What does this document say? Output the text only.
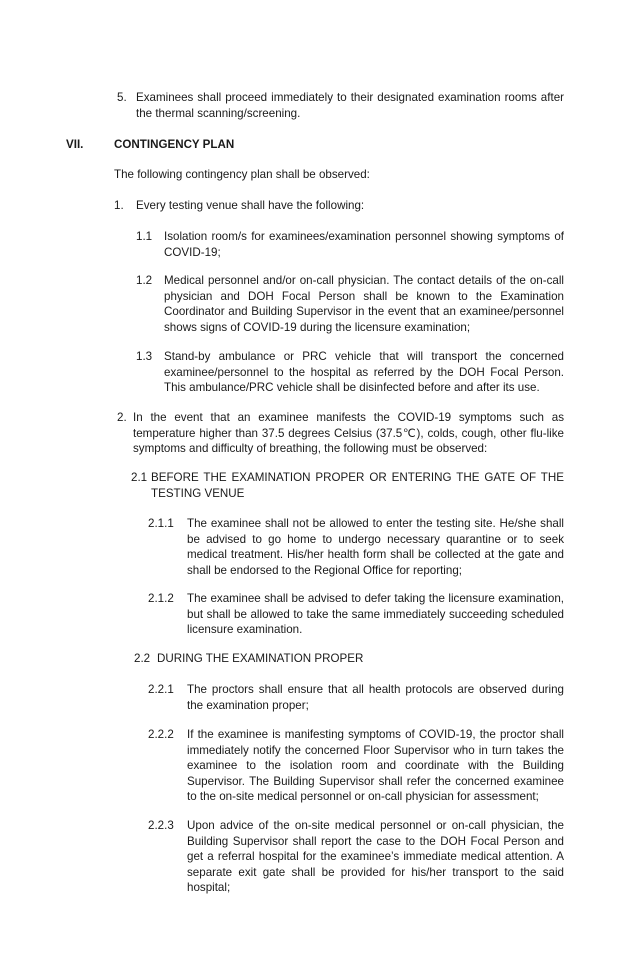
5. Examinees shall proceed immediately to their designated examination rooms after the thermal scanning/screening.
VII.	CONTINGENCY PLAN
The following contingency plan shall be observed:
1. Every testing venue shall have the following:
1.1 Isolation room/s for examinees/examination personnel showing symptoms of COVID-19;
1.2 Medical personnel and/or on-call physician. The contact details of the on-call physician and DOH Focal Person shall be known to the Examination Coordinator and Building Supervisor in the event that an examinee/personnel shows signs of COVID-19 during the licensure examination;
1.3 Stand-by ambulance or PRC vehicle that will transport the concerned examinee/personnel to the hospital as referred by the DOH Focal Person. This ambulance/PRC vehicle shall be disinfected before and after its use.
2. In the event that an examinee manifests the COVID-19 symptoms such as temperature higher than 37.5 degrees Celsius (37.5℃), colds, cough, other flu-like symptoms and difficulty of breathing, the following must be observed:
2.1 BEFORE THE EXAMINATION PROPER OR ENTERING THE GATE OF THE TESTING VENUE
2.1.1 The examinee shall not be allowed to enter the testing site. He/she shall be advised to go home to undergo necessary quarantine or to seek medical treatment. His/her health form shall be collected at the gate and shall be endorsed to the Regional Office for reporting;
2.1.2 The examinee shall be advised to defer taking the licensure examination, but shall be allowed to take the same immediately succeeding scheduled licensure examination.
2.2 DURING THE EXAMINATION PROPER
2.2.1 The proctors shall ensure that all health protocols are observed during the examination proper;
2.2.2 If the examinee is manifesting symptoms of COVID-19, the proctor shall immediately notify the concerned Floor Supervisor who in turn takes the examinee to the isolation room and coordinate with the Building Supervisor. The Building Supervisor shall refer the concerned examinee to the on-site medical personnel or on-call physician for assessment;
2.2.3 Upon advice of the on-site medical personnel or on-call physician, the Building Supervisor shall report the case to the DOH Focal Person and get a referral hospital for the examinee’s immediate medical attention. A separate exit gate shall be provided for his/her transport to the said hospital;
